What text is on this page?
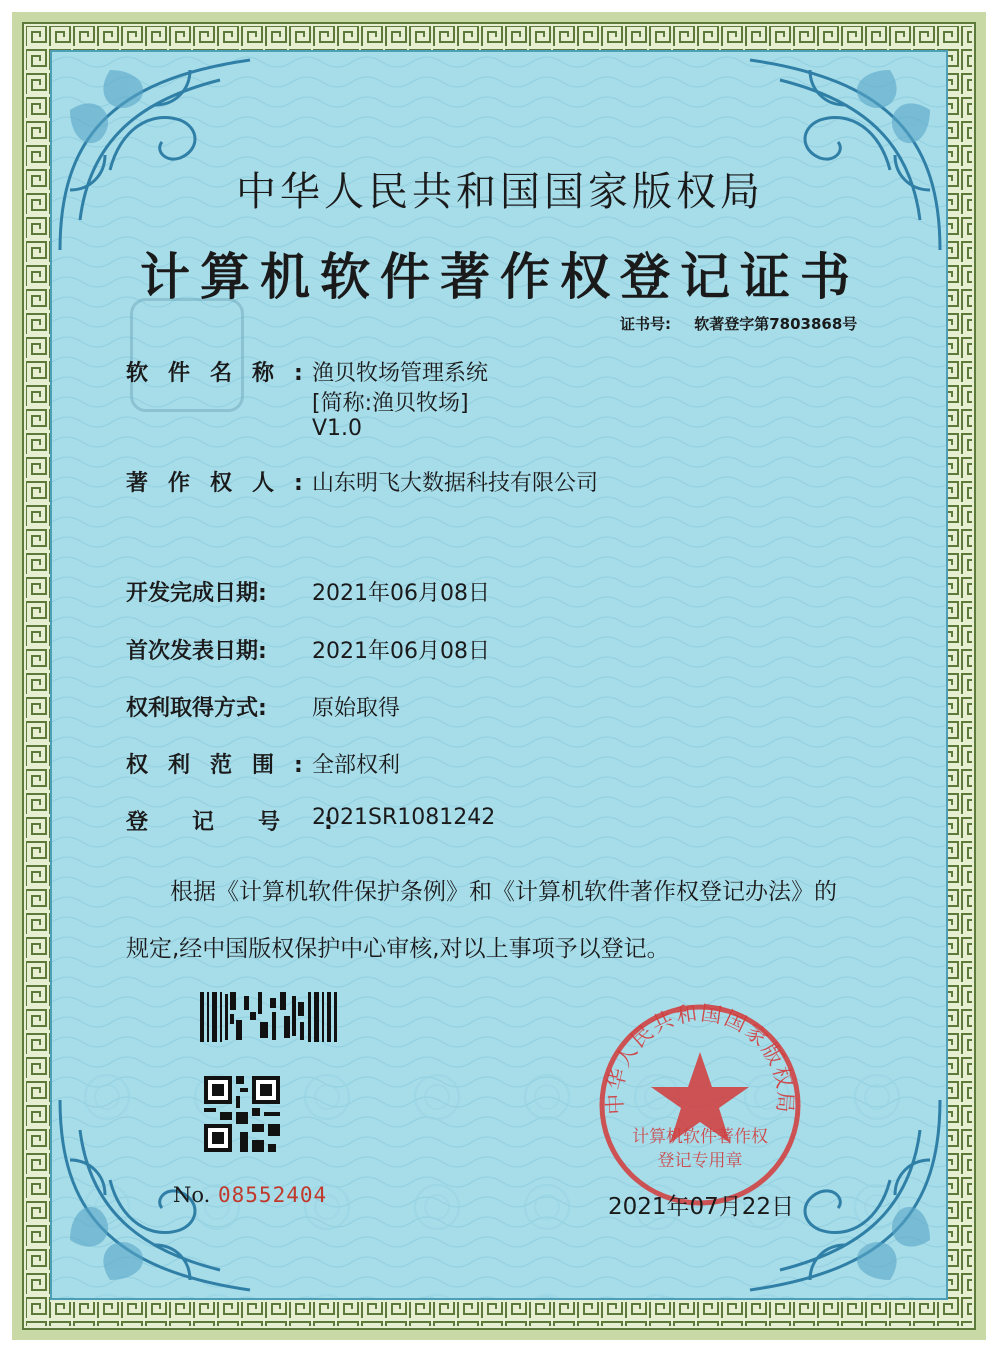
中华人民共和国国家版权局
计算机软件著作权登记证书
证书号: 软著登字第7803868号
软件名称:
渔贝牧场管理系统
[简称:渔贝牧场]
V1.0
著作权人:
山东明飞大数据科技有限公司
开发完成日期: 2021年06月08日
首次发表日期: 2021年06月08日
权利取得方式: 原始取得
权利范围:
全部权利
登记号:
2021SR1081242
根据《计算机软件保护条例》和《计算机软件著作权登记办法》的
规定,经中国版权保护中心审核,对以上事项予以登记。
No. 08552404
中华人民共和国国家版权局
计算机软件著作权
登记专用章
2021年07月22日
